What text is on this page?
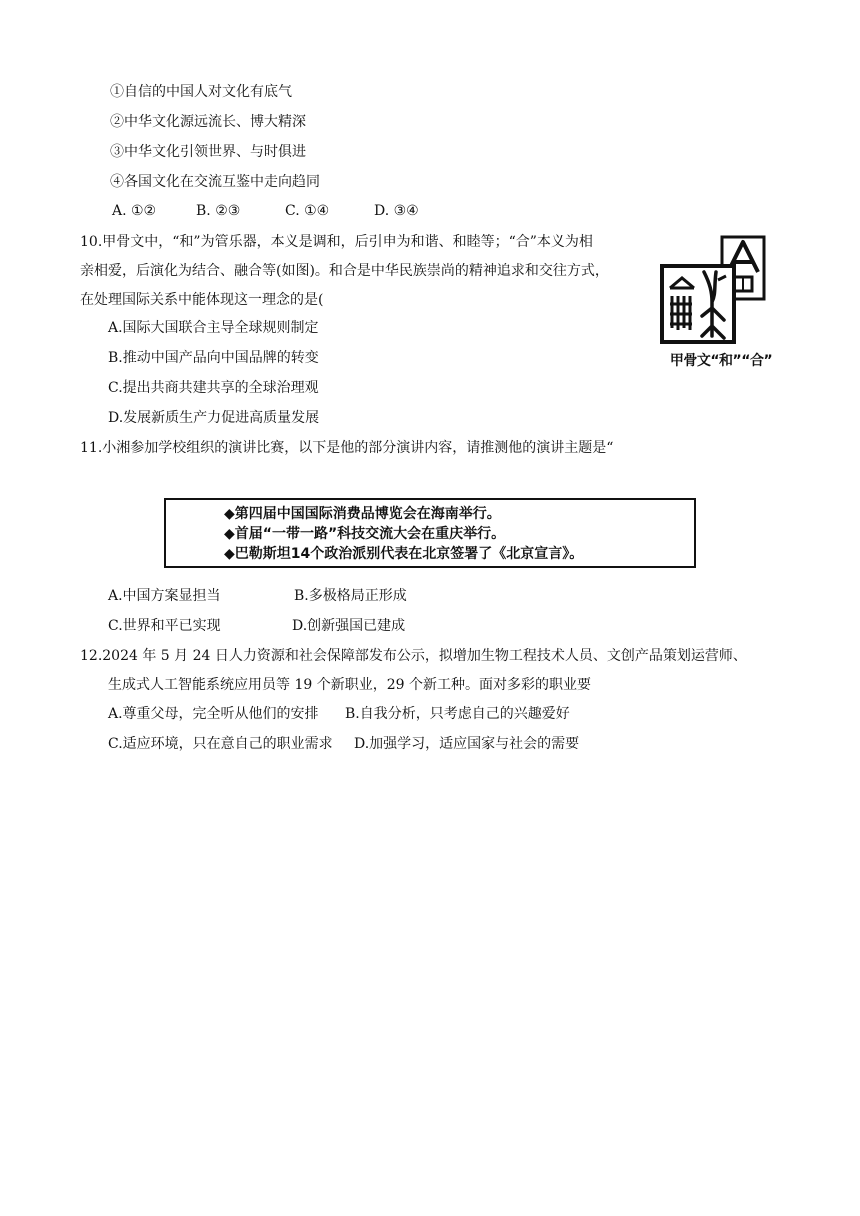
①自信的中国人对文化有底气
②中华文化源远流长、博大精深
③中华文化引领世界、与时俱进
④各国文化在交流互鉴中走向趋同
A. ①②	B. ②③	C. ①④	D. ③④
10.甲骨文中，“和”为管乐器，本义是调和，后引申为和谐、和睦等；“合”本义为相
亲相爱，后演化为结合、融合等(如图)。和合是中华民族崇尚的精神追求和交往方式，
在处理国际关系中能体现这一理念的是(
A.国际大国联合主导全球规则制定
B.推动中国产品向中国品牌的转变
C.提出共商共建共享的全球治理观
D.发展新质生产力促进高质量发展
甲骨文“和”“合”
11.小湘参加学校组织的演讲比赛，以下是他的部分演讲内容，请推测他的演讲主题是“
◆第四届中国国际消费品博览会在海南举行。
◆首届“一带一路”科技交流大会在重庆举行。
◆巴勒斯坦14个政治派别代表在北京签署了《北京宣言》。
A.中国方案显担当	B.多极格局正形成
C.世界和平已实现	D.创新强国已建成
12.2024 年 5 月 24 日人力资源和社会保障部发布公示，拟增加生物工程技术人员、文创产品策划运营师、
生成式人工智能系统应用员等 19 个新职业，29 个新工种。面对多彩的职业要
A.尊重父母，完全听从他们的安排 B.自我分析，只考虑自己的兴趣爱好
C.适应环境，只在意自己的职业需求 D.加强学习，适应国家与社会的需要
